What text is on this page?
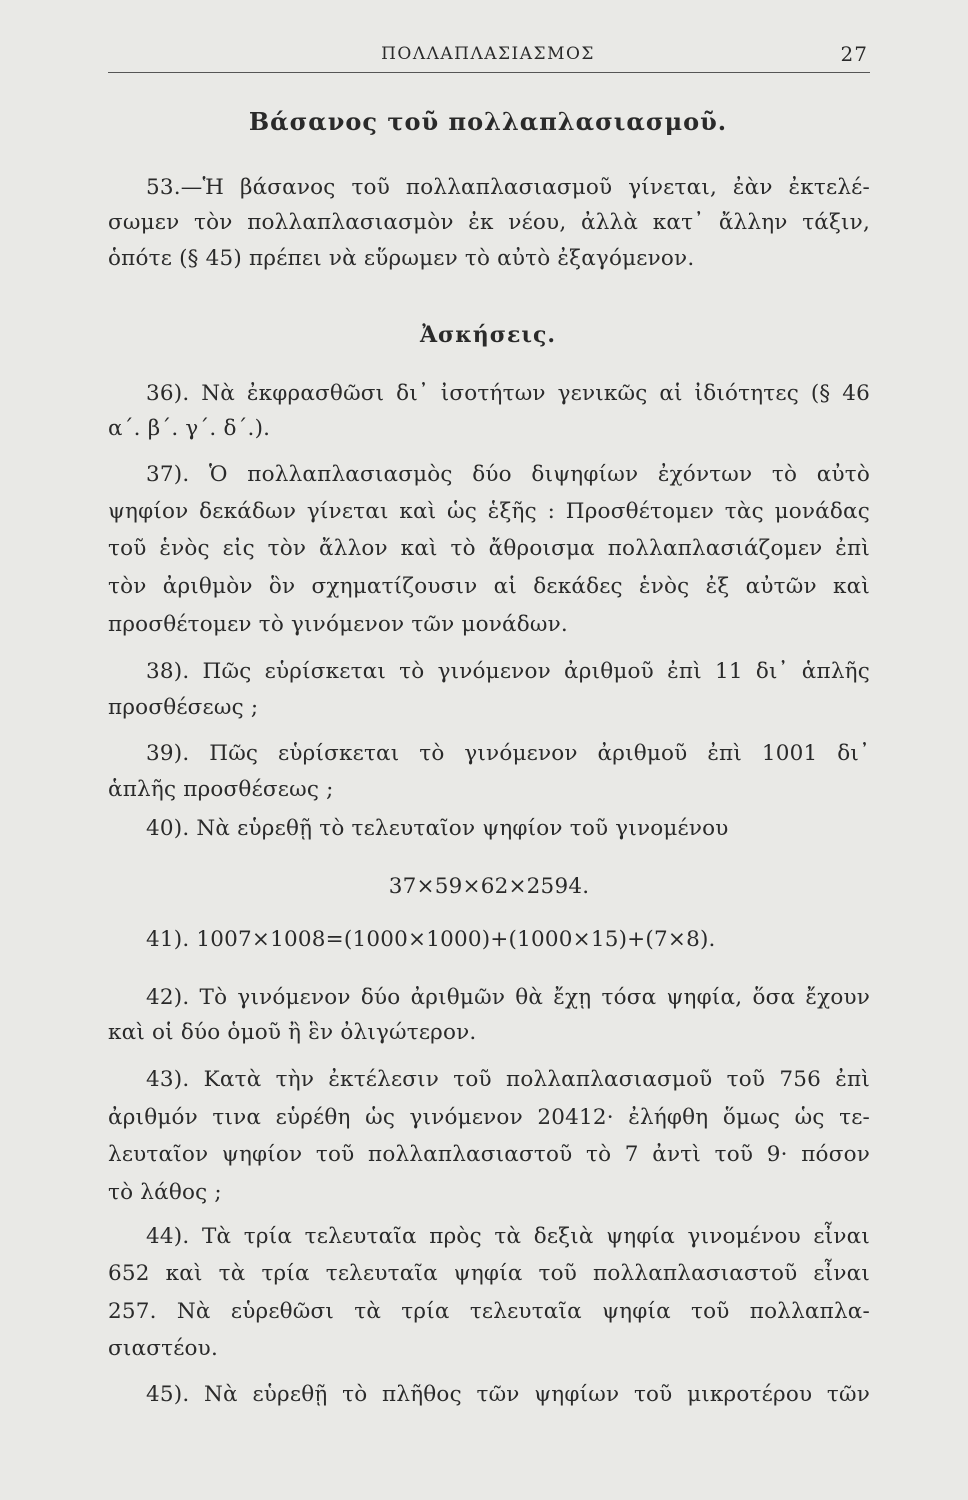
ΠΟΛΛΑΠΛΑΣΙΑΣΜΟΣ	27
Βάσανος τοῦ πολλαπλασιασμοῦ.
53.—Ἡ βάσανος τοῦ πολλαπλασιασμοῦ γίνεται, ἐὰν ἐκτελέ-
σωμεν τὸν πολλαπλασιασμὸν ἐκ νέου, ἀλλὰ κατ᾿ ἄλλην τάξιν,
ὁπότε (§ 45) πρέπει νὰ εὕρωμεν τὸ αὐτὸ ἐξαγόμενον.
Ἀσκήσεις.
36). Νὰ ἐκφρασθῶσι δι᾿ ἰσοτήτων γενικῶς αἱ ἰδιότητες (§ 46
α΄. β΄. γ΄. δ΄.).
37). Ὁ πολλαπλασιασμὸς δύο διψηφίων ἐχόντων τὸ αὐτὸ
ψηφίον δεκάδων γίνεται καὶ ὡς ἑξῆς : Προσθέτομεν τὰς μονάδας
τοῦ ἑνὸς εἰς τὸν ἄλλον καὶ τὸ ἄθροισμα πολλαπλασιάζομεν ἐπὶ
τὸν ἀριθμὸν ὃν σχηματίζουσιν αἱ δεκάδες ἑνὸς ἐξ αὐτῶν καὶ
προσθέτομεν τὸ γινόμενον τῶν μονάδων.
38). Πῶς εὑρίσκεται τὸ γινόμενον ἀριθμοῦ ἐπὶ 11 δι᾿ ἁπλῆς
προσθέσεως ;
39). Πῶς εὑρίσκεται τὸ γινόμενον ἀριθμοῦ ἐπὶ 1001 δι᾿
ἁπλῆς προσθέσεως ;
40). Νὰ εὑρεθῇ τὸ τελευταῖον ψηφίον τοῦ γινομένου
37×59×62×2594.
41). 1007×1008=(1000×1000)+(1000×15)+(7×8).
42). Τὸ γινόμενον δύο ἀριθμῶν θὰ ἔχῃ τόσα ψηφία, ὅσα ἔχουν
καὶ οἱ δύο ὁμοῦ ἢ ἓν ὀλιγώτερον.
43). Κατὰ τὴν ἐκτέλεσιν τοῦ πολλαπλασιασμοῦ τοῦ 756 ἐπὶ
ἀριθμόν τινα εὑρέθη ὡς γινόμενον 20412· ἐλήφθη ὅμως ὡς τε-
λευταῖον ψηφίον τοῦ πολλαπλασιαστοῦ τὸ 7 ἀντὶ τοῦ 9· πόσον
τὸ λάθος ;
44). Τὰ τρία τελευταῖα πρὸς τὰ δεξιὰ ψηφία γινομένου εἶναι
652 καὶ τὰ τρία τελευταῖα ψηφία τοῦ πολλαπλασιαστοῦ εἶναι
257. Νὰ εὑρεθῶσι τὰ τρία τελευταῖα ψηφία τοῦ πολλαπλα-
σιαστέου.
45). Νὰ εὑρεθῇ τὸ πλῆθος τῶν ψηφίων τοῦ μικροτέρου τῶν
